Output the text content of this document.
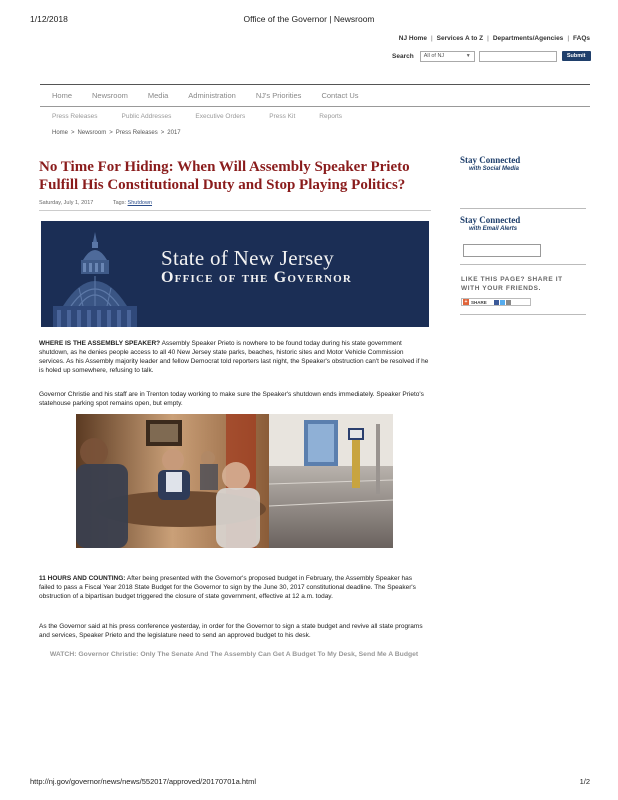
1/12/2018	Office of the Governor | Newsroom
NJ Home | Services A to Z | Departments/Agencies | FAQs
Search	All of NJ	▼	Submit
Home	Newsroom	Media	Administration	NJ's Priorities	Contact Us
Press Releases	Public Addresses	Executive Orders	Press Kit	Reports
Home > Newsroom > Press Releases > 2017
No Time For Hiding: When Will Assembly Speaker Prieto Fulfill His Constitutional Duty and Stop Playing Politics?
Saturday, July 1, 2017	Tags: Shutdown
State of New Jersey
Office of the Governor

WHERE IS THE ASSEMBLY SPEAKER? Assembly Speaker Prieto is nowhere to be found today during his state government shutdown, as he denies people access to all 40 New Jersey state parks, beaches, historic sites and Motor Vehicle Commission services. As his Assembly majority leader and fellow Democrat told reporters last night, the Speaker's obstruction can't be resolved if he is holed up somewhere, refusing to talk.

Governor Christie and his staff are in Trenton today working to make sure the Speaker's shutdown ends immediately. Speaker Prieto's statehouse parking spot remains open, but empty.

11 HOURS AND COUNTING: After being presented with the Governor's proposed budget in February, the Assembly Speaker has failed to pass a Fiscal Year 2018 State Budget for the Governor to sign by the June 30, 2017 constitutional deadline. The Speaker's obstruction of a bipartisan budget triggered the closure of state government, effective at 12 a.m. today.

As the Governor said at his press conference yesterday, in order for the Governor to sign a state budget and revive all state programs and services, Speaker Prieto and the legislature need to send an approved budget to his desk.

WATCH: Governor Christie: Only The Senate And The Assembly Can Get A Budget To My Desk, Send Me A Budget
Stay Connected
with Social Media
Stay Connected
with Email Alerts
LIKE THIS PAGE? SHARE IT WITH YOUR FRIENDS.
+ SHARE
http://nj.gov/governor/news/news/552017/approved/20170701a.html	1/2
